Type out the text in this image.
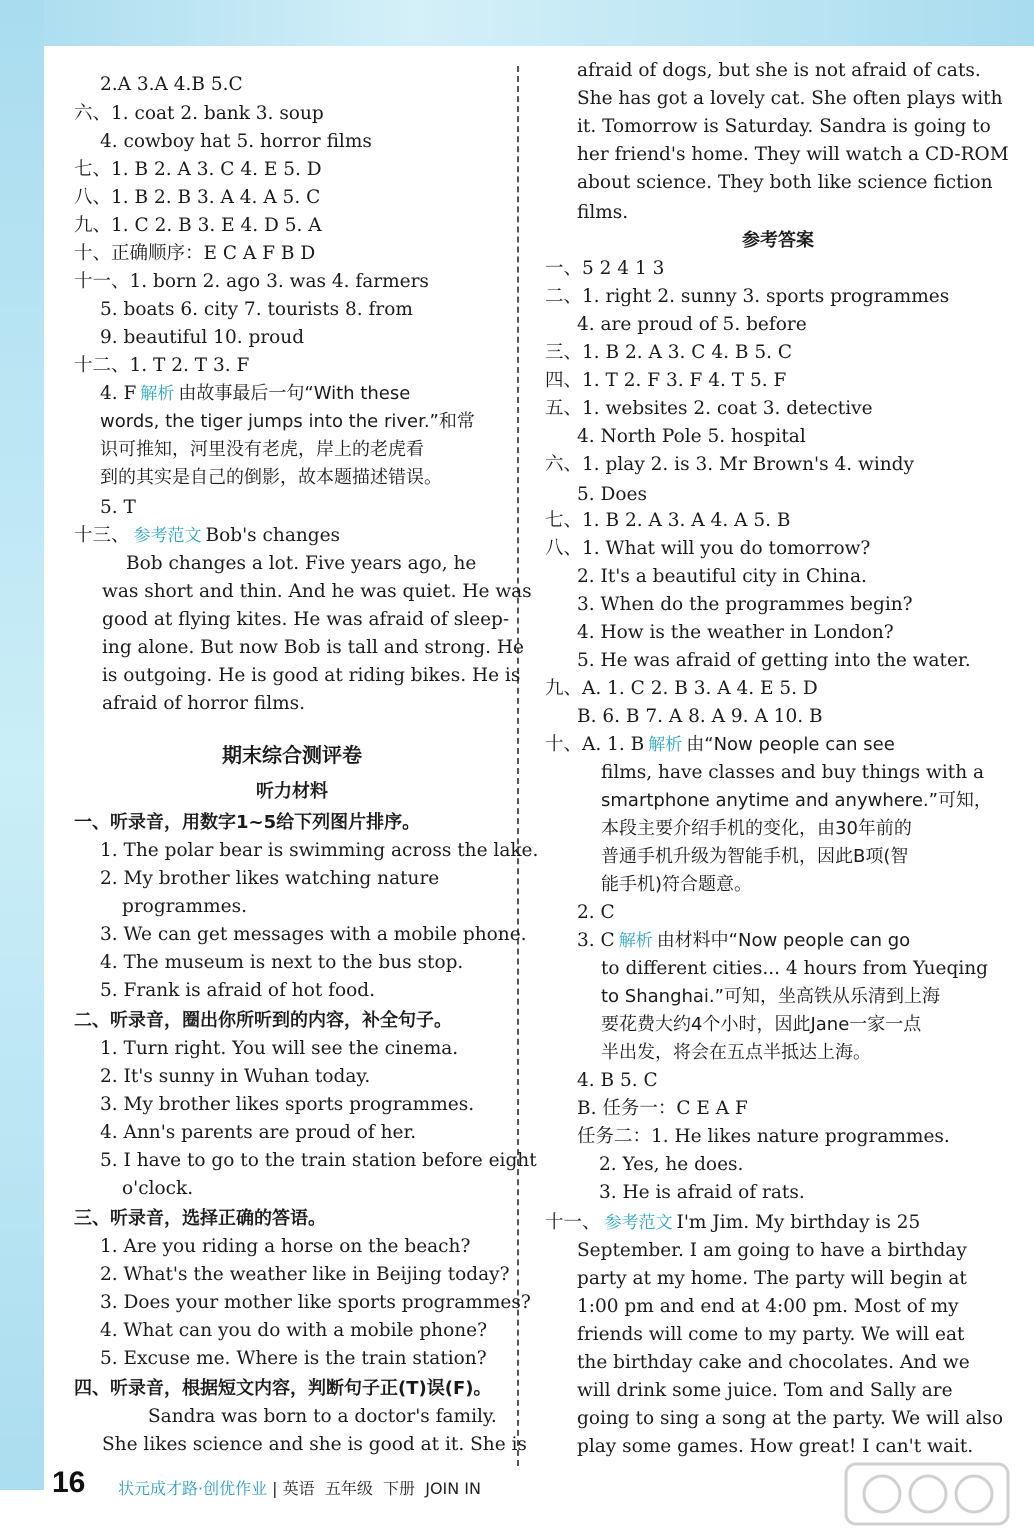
2.A 3.A 4.B 5.C
六、1. coat 2. bank 3. soup
4. cowboy hat 5. horror films
七、1. B 2. A 3. C 4. E 5. D
八、1. B 2. B 3. A 4. A 5. C
九、1. C 2. B 3. E 4. D 5. A
十、正确顺序：E C A F B D
十一、1. born 2. ago 3. was 4. farmers
5. boats 6. city 7. tourists 8. from
9. beautiful 10. proud
十二、1. T 2. T 3. F
4. F 解析 由故事最后一句“With these
words, the tiger jumps into the river.”和常
识可推知，河里没有老虎，岸上的老虎看
到的其实是自己的倒影，故本题描述错误。
5. T
十三、 参考范文 Bob's changes
Bob changes a lot. Five years ago, he
was short and thin. And he was quiet. He was
good at flying kites. He was afraid of sleep-
ing alone. But now Bob is tall and strong. He
is outgoing. He is good at riding bikes. He is
afraid of horror films.
期末综合测评卷
听力材料
一、听录音，用数字1~5给下列图片排序。
1. The polar bear is swimming across the lake.
2. My brother likes watching nature
programmes.
3. We can get messages with a mobile phone.
4. The museum is next to the bus stop.
5. Frank is afraid of hot food.
二、听录音，圈出你所听到的内容，补全句子。
1. Turn right. You will see the cinema.
2. It's sunny in Wuhan today.
3. My brother likes sports programmes.
4. Ann's parents are proud of her.
5. I have to go to the train station before eight
o'clock.
三、听录音，选择正确的答语。
1. Are you riding a horse on the beach?
2. What's the weather like in Beijing today?
3. Does your mother like sports programmes?
4. What can you do with a mobile phone?
5. Excuse me. Where is the train station?
四、听录音，根据短文内容，判断句子正(T)误(F)。
Sandra was born to a doctor's family.
She likes science and she is good at it. She is
afraid of dogs, but she is not afraid of cats.
She has got a lovely cat. She often plays with
it. Tomorrow is Saturday. Sandra is going to
her friend's home. They will watch a CD-ROM
about science. They both like science fiction
films.
参考答案
一、5 2 4 1 3
二、1. right 2. sunny 3. sports programmes
4. are proud of 5. before
三、1. B 2. A 3. C 4. B 5. C
四、1. T 2. F 3. F 4. T 5. F
五、1. websites 2. coat 3. detective
4. North Pole 5. hospital
六、1. play 2. is 3. Mr Brown's 4. windy
5. Does
七、1. B 2. A 3. A 4. A 5. B
八、1. What will you do tomorrow?
2. It's a beautiful city in China.
3. When do the programmes begin?
4. How is the weather in London?
5. He was afraid of getting into the water.
九、A. 1. C 2. B 3. A 4. E 5. D
B. 6. B 7. A 8. A 9. A 10. B
十、A. 1. B 解析 由“Now people can see
films, have classes and buy things with a
smartphone anytime and anywhere.”可知，
本段主要介绍手机的变化，由30年前的
普通手机升级为智能手机，因此B项(智
能手机)符合题意。
2. C
3. C 解析 由材料中“Now people can go
to different cities... 4 hours from Yueqing
to Shanghai.”可知，坐高铁从乐清到上海
要花费大约4个小时，因此Jane一家一点
半出发，将会在五点半抵达上海。
4. B 5. C
B. 任务一：C E A F
任务二：1. He likes nature programmes.
2. Yes, he does.
3. He is afraid of rats.
十一、 参考范文 I'm Jim. My birthday is 25
September. I am going to have a birthday
party at my home. The party will begin at
1:00 pm and end at 4:00 pm. Most of my
friends will come to my party. We will eat
the birthday cake and chocolates. And we
will drink some juice. Tom and Sally are
going to sing a song at the party. We will also
play some games. How great! I can't wait.
16 状元成才路·创优作业 | 英语 五年级 下册 JOIN IN
